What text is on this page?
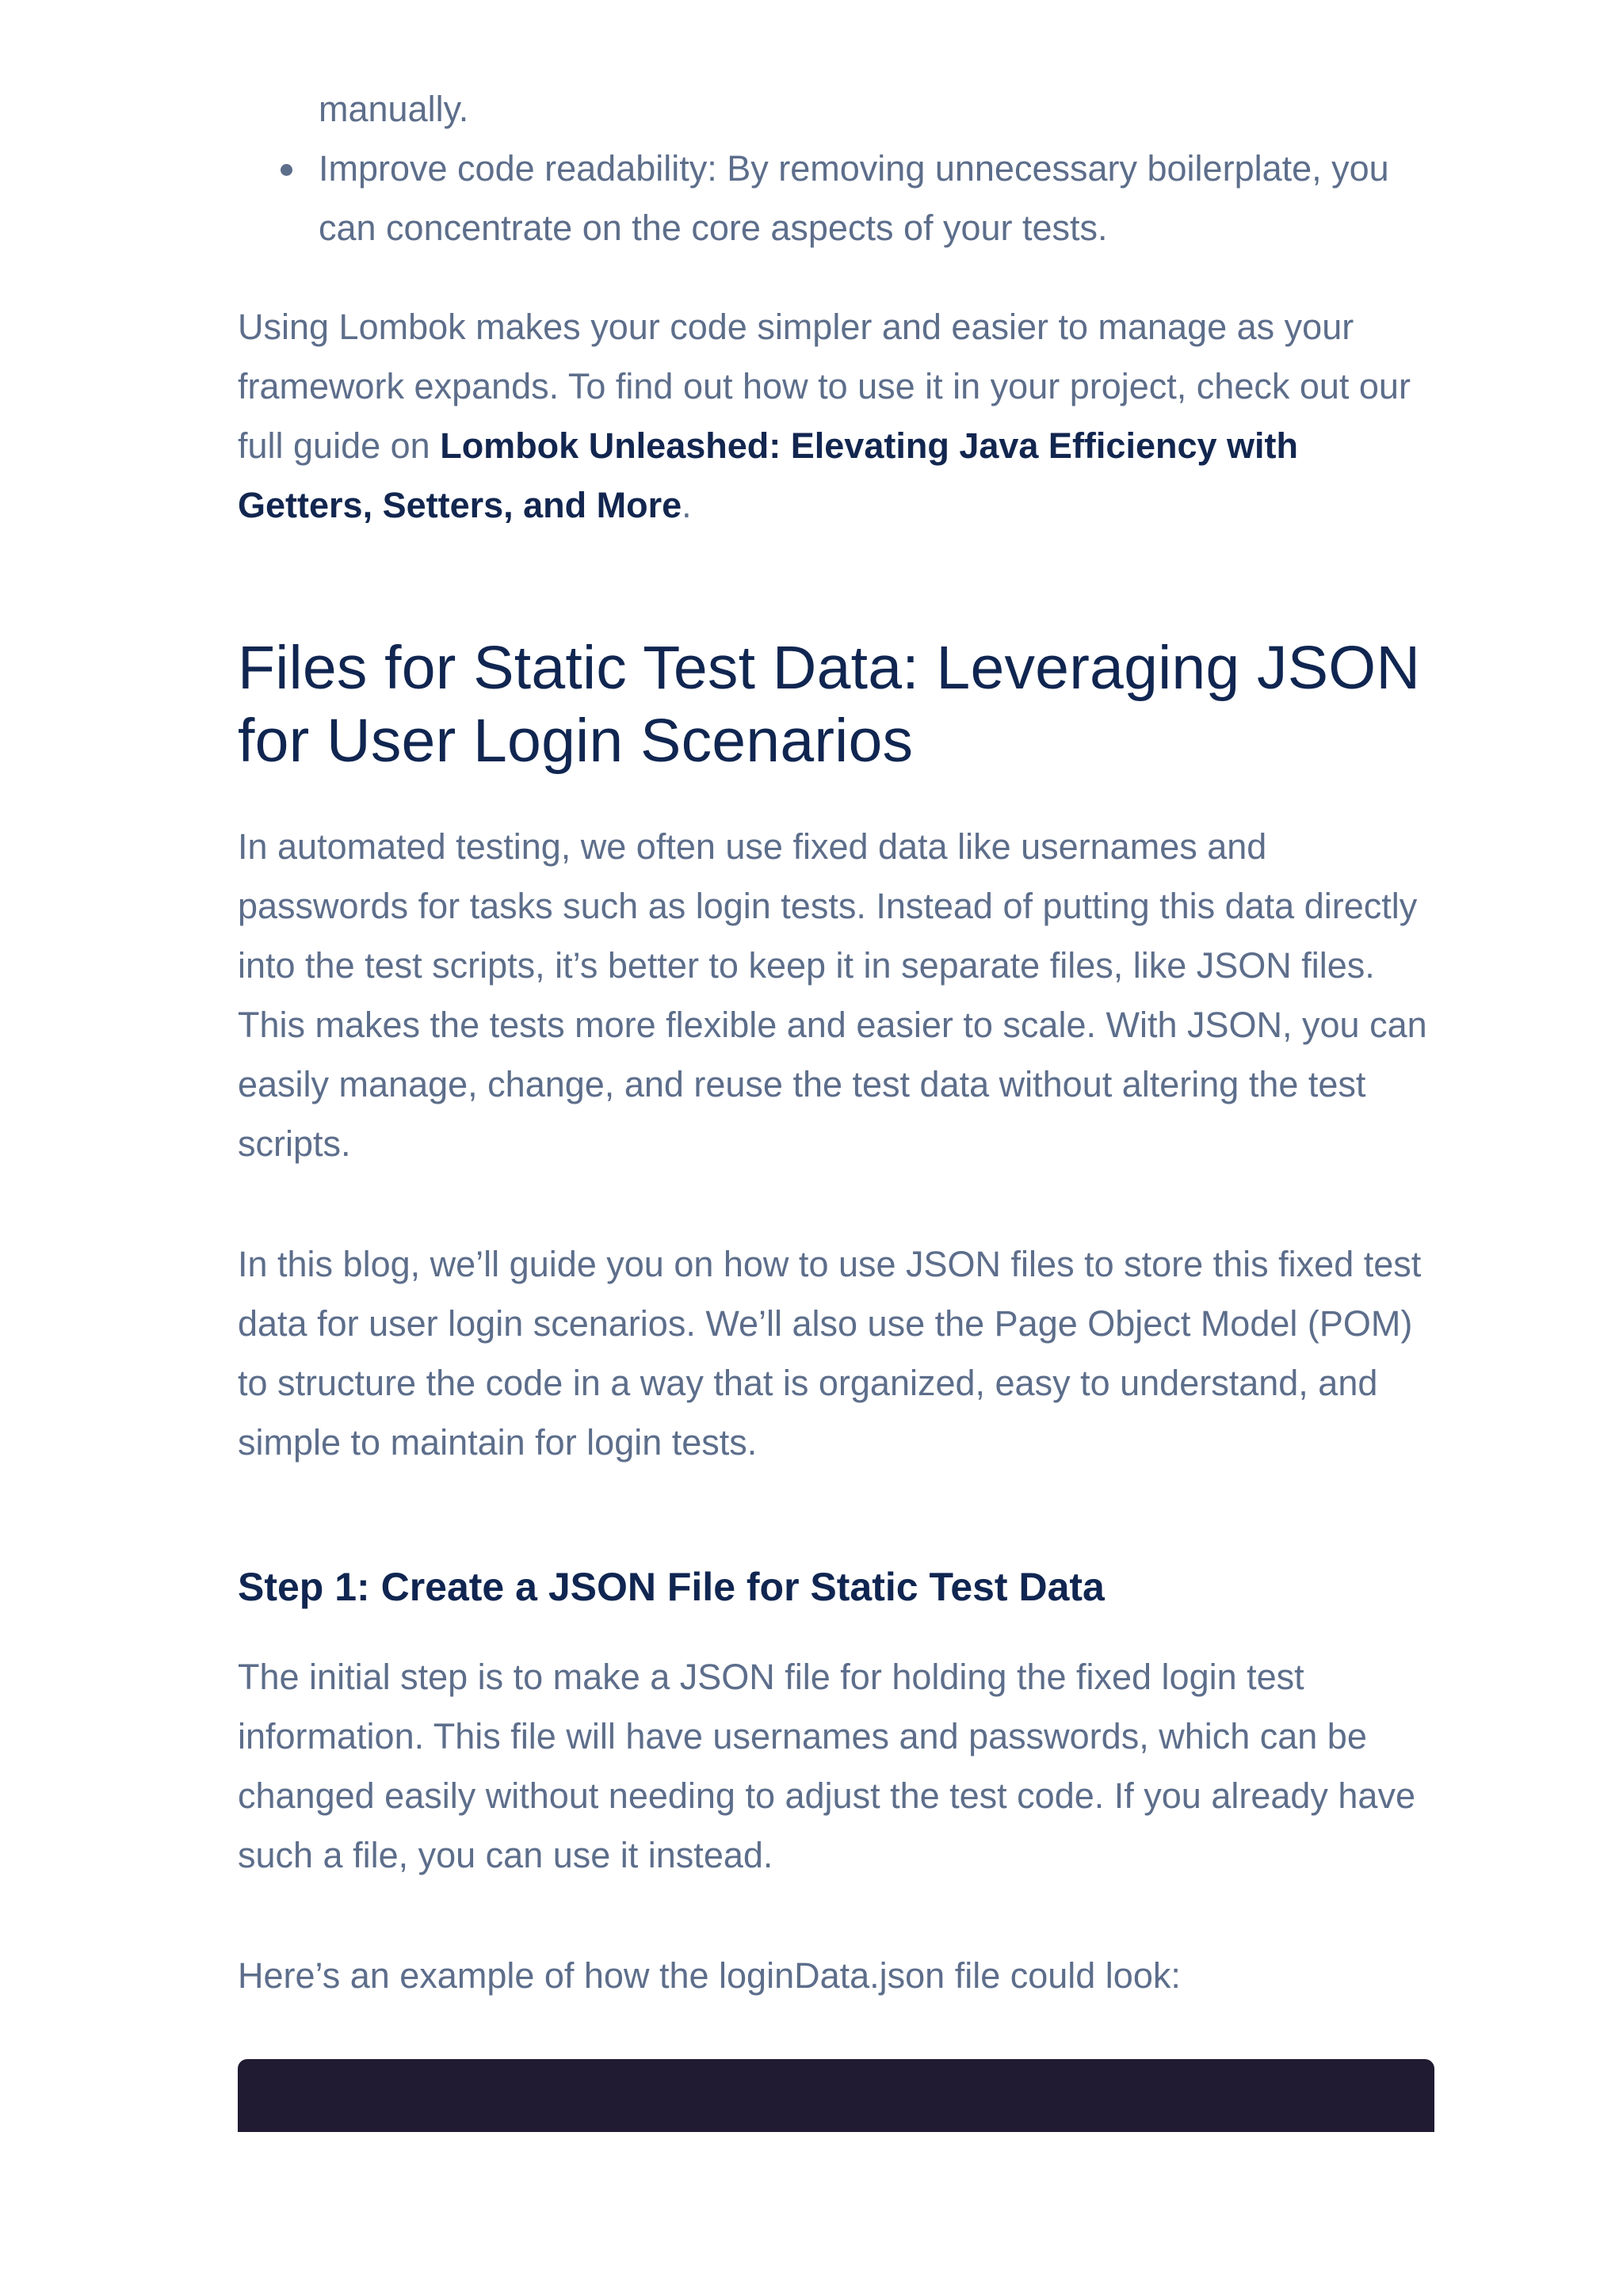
manually.
Improve code readability: By removing unnecessary boilerplate, you can concentrate on the core aspects of your tests.

Using Lombok makes your code simpler and easier to manage as your framework expands. To find out how to use it in your project, check out our full guide on Lombok Unleashed: Elevating Java Efficiency with Getters, Setters, and More.

Files for Static Test Data: Leveraging JSON for User Login Scenarios

In automated testing, we often use fixed data like usernames and passwords for tasks such as login tests. Instead of putting this data directly into the test scripts, it’s better to keep it in separate files, like JSON files. This makes the tests more flexible and easier to scale. With JSON, you can easily manage, change, and reuse the test data without altering the test scripts.

In this blog, we’ll guide you on how to use JSON files to store this fixed test data for user login scenarios. We’ll also use the Page Object Model (POM) to structure the code in a way that is organized, easy to understand, and simple to maintain for login tests.

Step 1: Create a JSON File for Static Test Data

The initial step is to make a JSON file for holding the fixed login test information. This file will have usernames and passwords, which can be changed easily without needing to adjust the test code. If you already have such a file, you can use it instead.

Here’s an example of how the loginData.json file could look:
